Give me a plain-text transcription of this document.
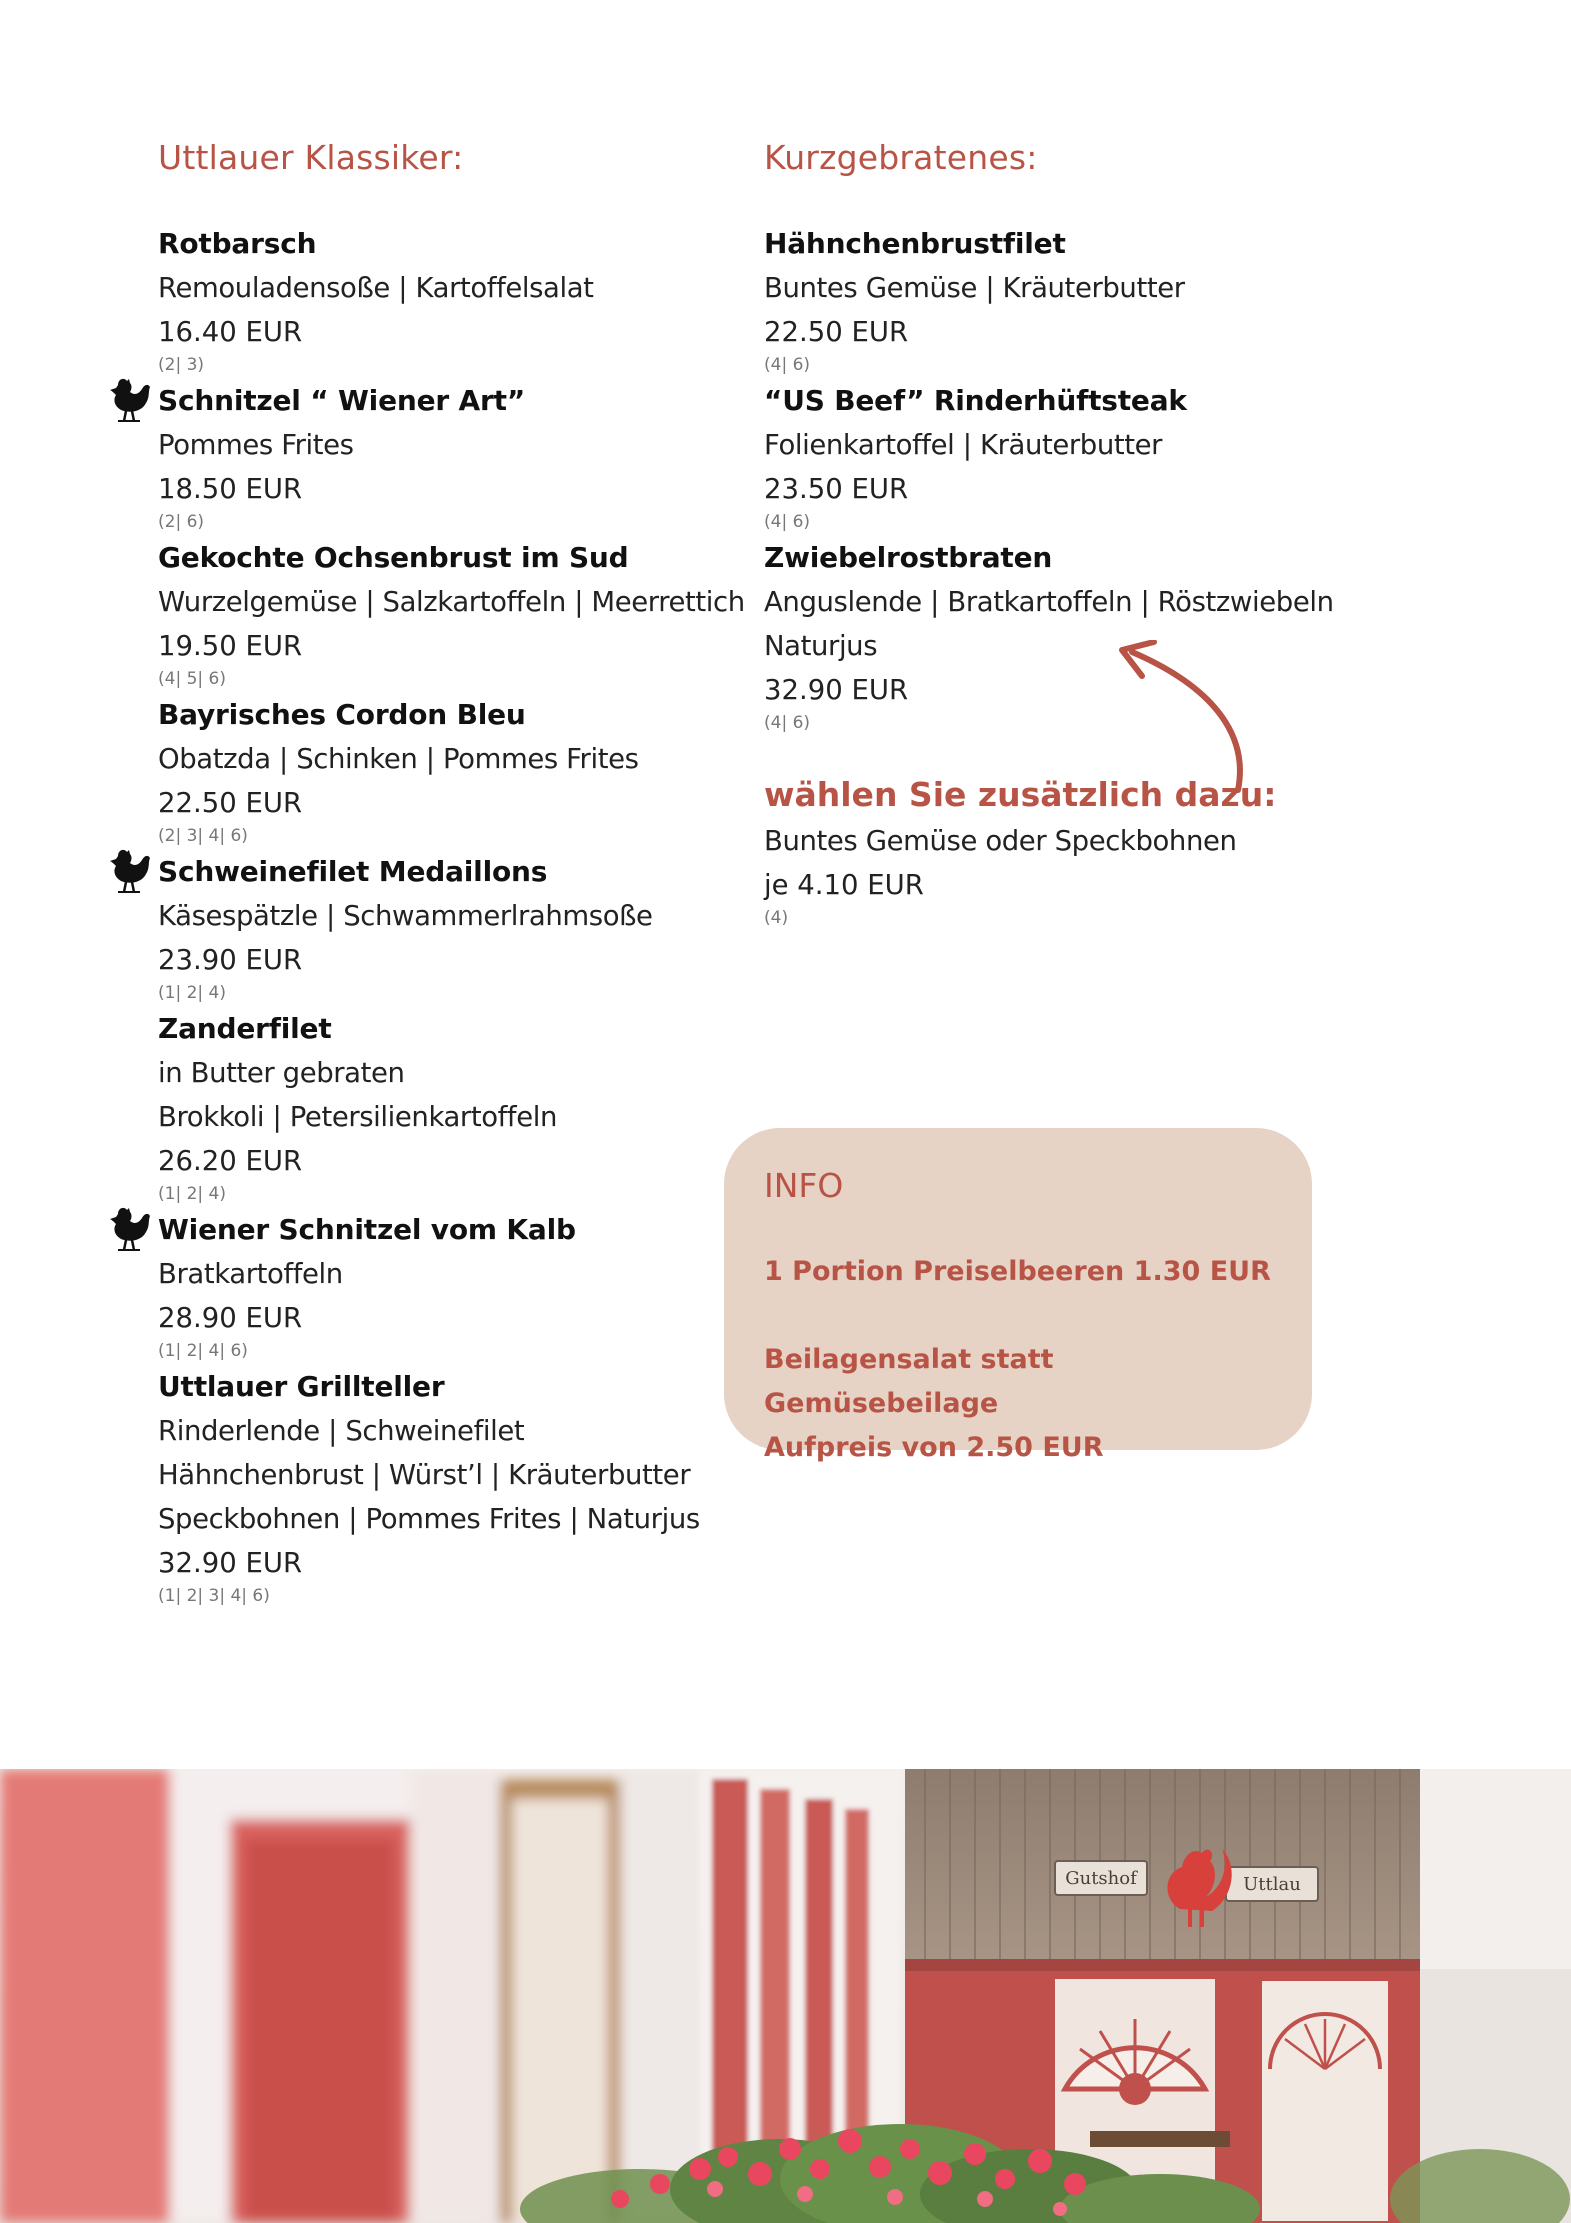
Uttlauer Klassiker:
Rotbarsch
Remouladensoße | Kartoffelsalat
16.40 EUR
(2| 3)
Schnitzel “ Wiener Art”
Pommes Frites
18.50 EUR
(2| 6)
Gekochte Ochsenbrust im Sud
Wurzelgemüse | Salzkartoffeln | Meerrettich
19.50 EUR
(4| 5| 6)
Bayrisches Cordon Bleu
Obatzda | Schinken | Pommes Frites
22.50 EUR
(2| 3| 4| 6)
Schweinefilet Medaillons
Käsespätzle | Schwammerlrahmsoße
23.90 EUR
(1| 2| 4)
Zanderfilet
in Butter gebraten
Brokkoli | Petersilienkartoffeln
26.20 EUR
(1| 2| 4)
Wiener Schnitzel vom Kalb
Bratkartoffeln
28.90 EUR
(1| 2| 4| 6)
Uttlauer Grillteller
Rinderlende | Schweinefilet
Hähnchenbrust | Würst’l | Kräuterbutter
Speckbohnen | Pommes Frites | Naturjus
32.90 EUR
(1| 2| 3| 4| 6)
Kurzgebratenes:
Hähnchenbrustfilet
Buntes Gemüse | Kräuterbutter
22.50 EUR
(4| 6)
“US Beef” Rinderhüftsteak
Folienkartoffel | Kräuterbutter
23.50 EUR
(4| 6)
Zwiebelrostbraten
Anguslende | Bratkartoffeln | Röstzwiebeln
Naturjus
32.90 EUR
(4| 6)
wählen Sie zusätzlich dazu:
Buntes Gemüse oder Speckbohnen
je 4.10 EUR
(4)
INFO
1 Portion Preiselbeeren 1.30 EUR
Beilagensalat statt Gemüsebeilage
Aufpreis von 2.50 EUR
Gutshof	Uttlau
